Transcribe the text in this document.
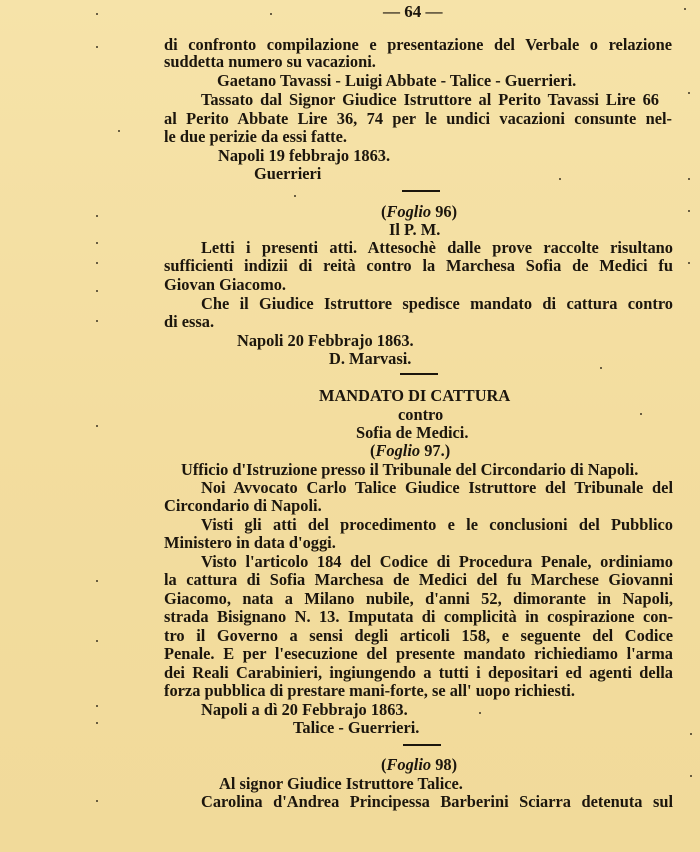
— 64 —
di confronto compilazione e presentazione del Verbale o relazione
suddetta numero su vacazioni.
Gaetano Tavassi - Luigi Abbate - Talice - Guerrieri.
Tassato dal Signor Giudice Istruttore al Perito Tavassi Lire 66
al Perito Abbate Lire 36, 74 per le undici vacazioni consunte nel-
le due perizie da essi fatte.
Napoli 19 febbrajo 1863.
Guerrieri
(Foglio 96)
Il P. M.
Letti i presenti atti. Attesochè dalle prove raccolte risultano
sufficienti indizii di reità contro la Marchesa Sofia de Medici fu
Giovan Giacomo.
Che il Giudice Istruttore spedisce mandato di cattura contro
di essa.
Napoli 20 Febbrajo 1863.
D. Marvasi.
MANDATO DI CATTURA
contro
Sofia de Medici.
(Foglio 97.)
Ufficio d'Istruzione presso il Tribunale del Circondario di Napoli.
Noi Avvocato Carlo Talice Giudice Istruttore del Tribunale del
Circondario di Napoli.
Visti gli atti del procedimento e le conclusioni del Pubblico
Ministero in data d'oggi.
Visto l'articolo 184 del Codice di Procedura Penale, ordiniamo
la cattura di Sofia Marchesa de Medici del fu Marchese Giovanni
Giacomo, nata a Milano nubile, d'anni 52, dimorante in Napoli,
strada Bisignano N. 13. Imputata di complicità in cospirazione con-
tro il Governo a sensi degli articoli 158, e seguente del Codice
Penale. E per l'esecuzione del presente mandato richiediamo l'arma
dei Reali Carabinieri, ingiungendo a tutti i depositari ed agenti della
forza pubblica di prestare mani-forte, se all' uopo richiesti.
Napoli a dì 20 Febbrajo 1863.
Talice - Guerrieri.
(Foglio 98)
Al signor Giudice Istruttore Talice.
Carolina d'Andrea Principessa Barberini Sciarra detenuta sul
